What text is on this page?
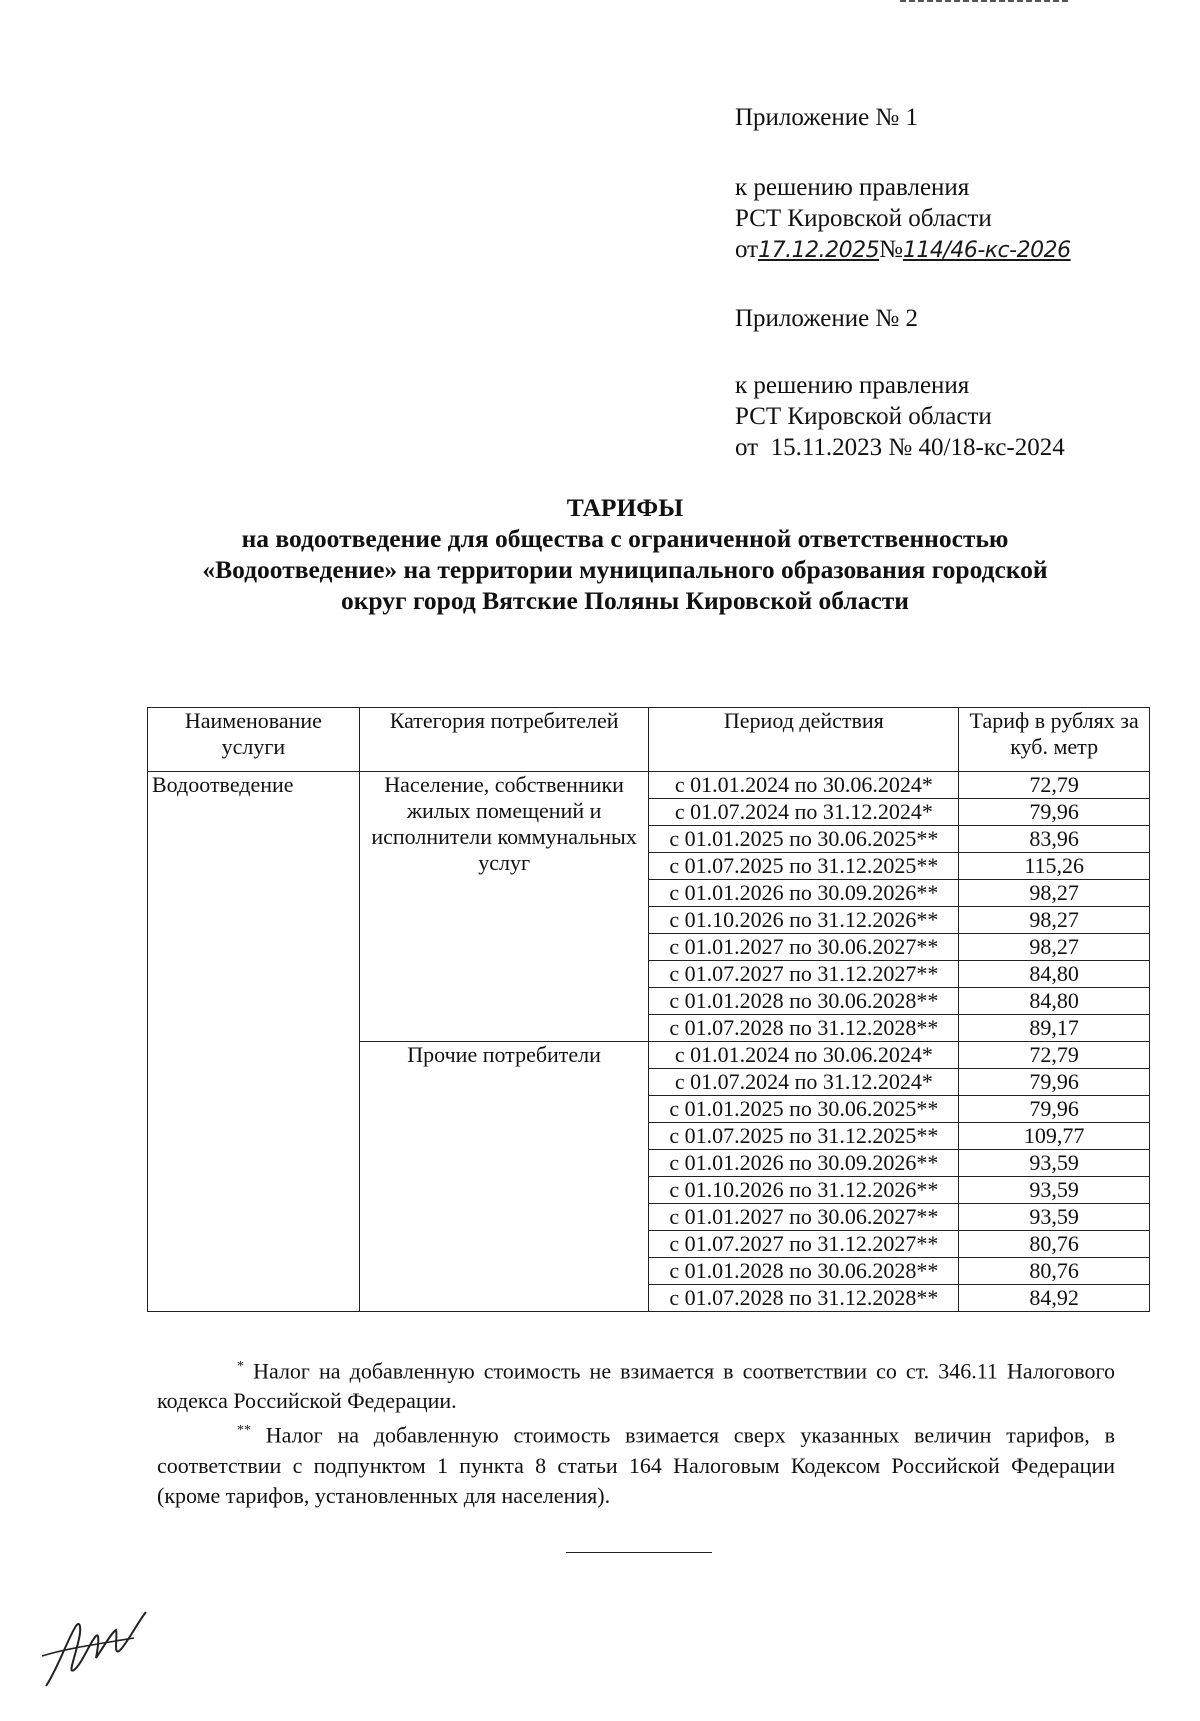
Приложение № 1
к решению правления
РСТ Кировской области
от17.12.2025№114/46-кс-2026
Приложение № 2
к решению правления
РСТ Кировской области
от  15.11.2023 № 40/18-кс-2024
ТАРИФЫ
на водоотведение для общества с ограниченной ответственностью
«Водоотведение» на территории муниципального образования городской
округ город Вятские Поляны Кировской области
Наименование услуги	Категория потребителей	Период действия	Тариф в рублях за куб. метр
Водоотведение	Население, собственники жилых помещений и исполнители коммунальных услуг	с 01.01.2024 по 30.06.2024*	72,79
		с 01.07.2024 по 31.12.2024*	79,96
		с 01.01.2025 по 30.06.2025**	83,96
		с 01.07.2025 по 31.12.2025**	115,26
		с 01.01.2026 по 30.09.2026**	98,27
		с 01.10.2026 по 31.12.2026**	98,27
		с 01.01.2027 по 30.06.2027**	98,27
		с 01.07.2027 по 31.12.2027**	84,80
		с 01.01.2028 по 30.06.2028**	84,80
		с 01.07.2028 по 31.12.2028**	89,17
	Прочие потребители	с 01.01.2024 по 30.06.2024*	72,79
		с 01.07.2024 по 31.12.2024*	79,96
		с 01.01.2025 по 30.06.2025**	79,96
		с 01.07.2025 по 31.12.2025**	109,77
		с 01.01.2026 по 30.09.2026**	93,59
		с 01.10.2026 по 31.12.2026**	93,59
		с 01.01.2027 по 30.06.2027**	93,59
		с 01.07.2027 по 31.12.2027**	80,76
		с 01.01.2028 по 30.06.2028**	80,76
		с 01.07.2028 по 31.12.2028**	84,92

* Налог на добавленную стоимость не взимается в соответствии со ст. 346.11 Налогового кодекса Российской Федерации.

** Налог на добавленную стоимость взимается сверх указанных величин тарифов, в соответствии с подпунктом 1 пункта 8 статьи 164 Налоговым Кодексом Российской Федерации (кроме тарифов, установленных для населения).
